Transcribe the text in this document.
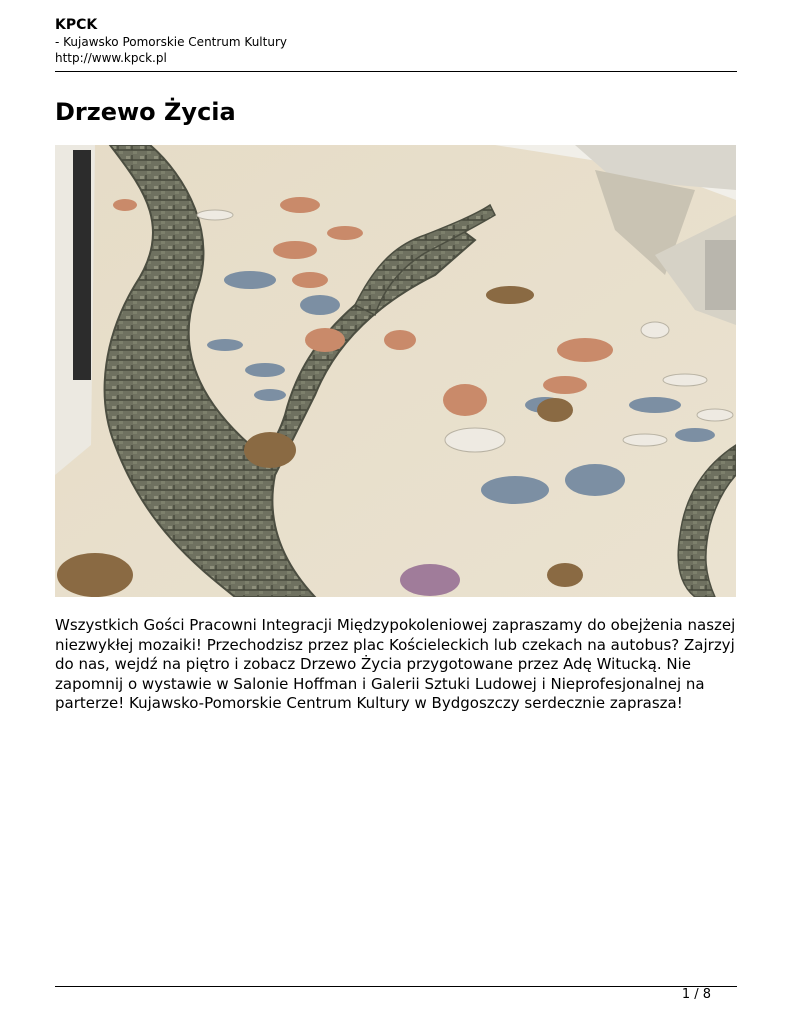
KPCK
- Kujawsko Pomorskie Centrum Kultury
http://www.kpck.pl
Drzewo Życia

Wszystkich Gości Pracowni Integracji Międzypokoleniowej zapraszamy do obejżenia naszej niezwykłej mozaiki! Przechodzisz przez plac Kościeleckich lub czekach na autobus? Zajrzyj do nas, wejdź na piętro i zobacz Drzewo Życia przygotowane przez Adę Witucką. Nie zapomnij o wystawie w Salonie Hoffman i Galerii Sztuki Ludowej i Nieprofesjonalnej na parterze! Kujawsko-Pomorskie Centrum Kultury w Bydgoszczy serdecznie zaprasza!

1 / 8
